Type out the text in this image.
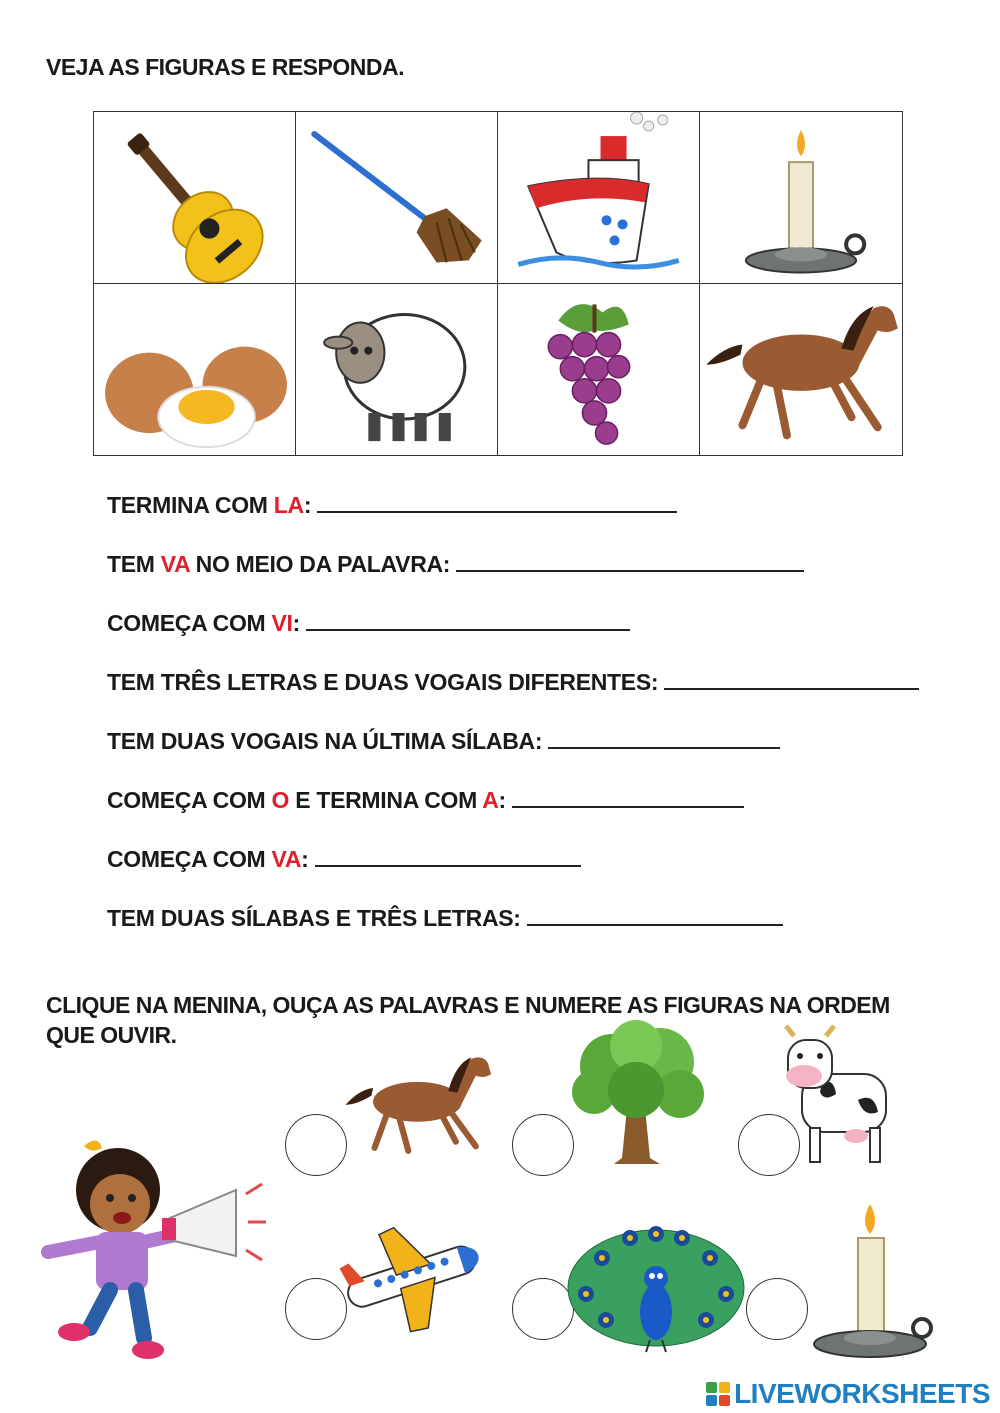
VEJA AS FIGURAS E RESPONDA.
TERMINA COM LA:
TEM VA NO MEIO DA PALAVRA:
COMEÇA COM VI:
TEM TRÊS LETRAS E DUAS VOGAIS DIFERENTES:
TEM DUAS VOGAIS NA ÚLTIMA SÍLABA:
COMEÇA COM O E TERMINA COM A:
COMEÇA COM VA:
TEM DUAS SÍLABAS E TRÊS LETRAS:
CLIQUE NA MENINA, OUÇA AS PALAVRAS E NUMERE AS FIGURAS NA ORDEM
QUE OUVIR.
LIVEWORKSHEETS
